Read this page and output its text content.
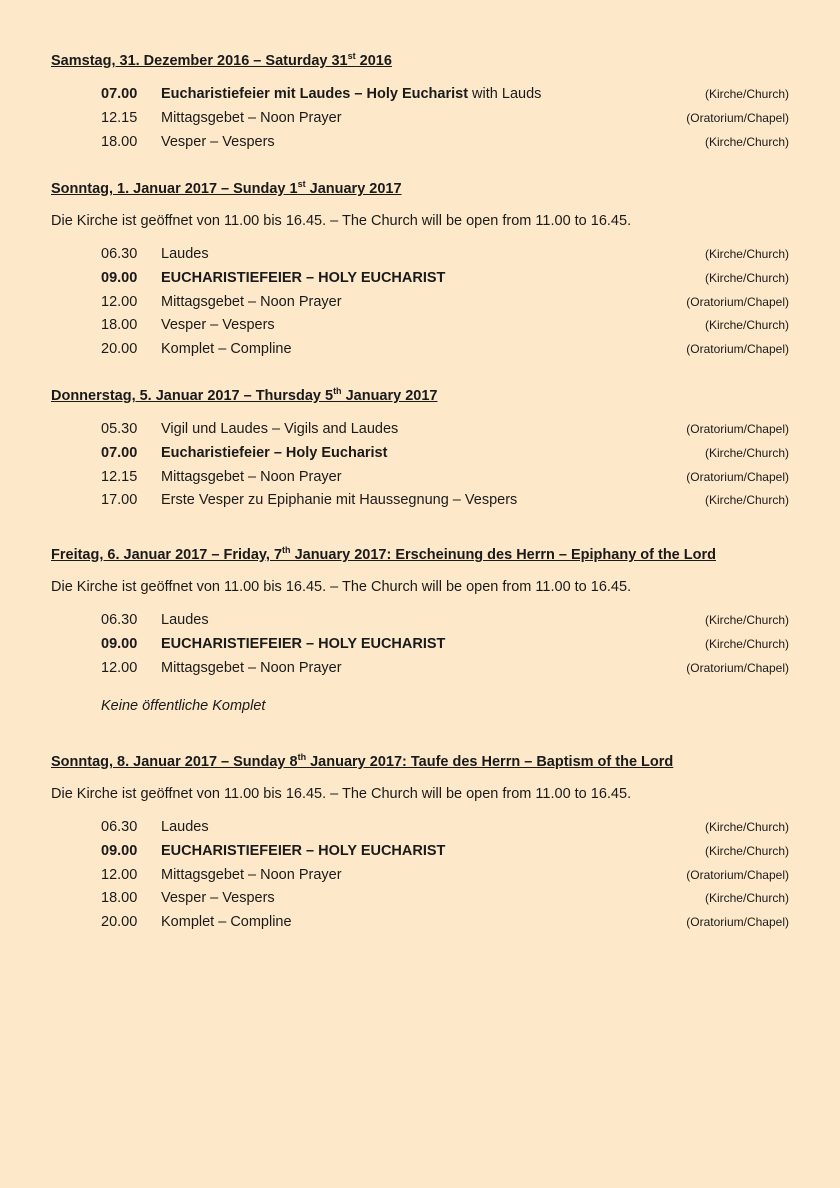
Samstag, 31. Dezember 2016 – Saturday 31st 2016
07.00 Eucharistiefeier mit Laudes – Holy Eucharist with Lauds	(Kirche/Church)
12.15 Mittagsgebet – Noon Prayer	(Oratorium/Chapel)
18.00 Vesper – Vespers	(Kirche/Church)
Sonntag, 1. Januar 2017 – Sunday 1st January 2017
Die Kirche ist geöffnet von 11.00 bis 16.45. – The Church will be open from 11.00 to 16.45.
06.30 Laudes	(Kirche/Church)
09.00 EUCHARISTIEFEIER – HOLY EUCHARIST	(Kirche/Church)
12.00 Mittagsgebet – Noon Prayer	(Oratorium/Chapel)
18.00 Vesper – Vespers	(Kirche/Church)
20.00 Komplet – Compline	(Oratorium/Chapel)
Donnerstag, 5. Januar 2017 – Thursday 5th January 2017
05.30 Vigil und Laudes – Vigils and Laudes	(Oratorium/Chapel)
07.00 Eucharistiefeier – Holy Eucharist	(Kirche/Church)
12.15 Mittagsgebet – Noon Prayer	(Oratorium/Chapel)
17.00 Erste Vesper zu Epiphanie mit Haussegnung – Vespers	(Kirche/Church)
Freitag, 6. Januar 2017 – Friday, 7th January 2017: Erscheinung des Herrn – Epiphany of the Lord
Die Kirche ist geöffnet von 11.00 bis 16.45. – The Church will be open from 11.00 to 16.45.
06.30 Laudes	(Kirche/Church)
09.00 EUCHARISTIEFEIER – HOLY EUCHARIST	(Kirche/Church)
12.00 Mittagsgebet – Noon Prayer	(Oratorium/Chapel)
Keine öffentliche Komplet
Sonntag, 8. Januar 2017 – Sunday 8th January 2017: Taufe des Herrn – Baptism of the Lord
Die Kirche ist geöffnet von 11.00 bis 16.45. – The Church will be open from 11.00 to 16.45.
06.30 Laudes	(Kirche/Church)
09.00 EUCHARISTIEFEIER – HOLY EUCHARIST	(Kirche/Church)
12.00 Mittagsgebet – Noon Prayer	(Oratorium/Chapel)
18.00 Vesper – Vespers	(Kirche/Church)
20.00 Komplet – Compline	(Oratorium/Chapel)
